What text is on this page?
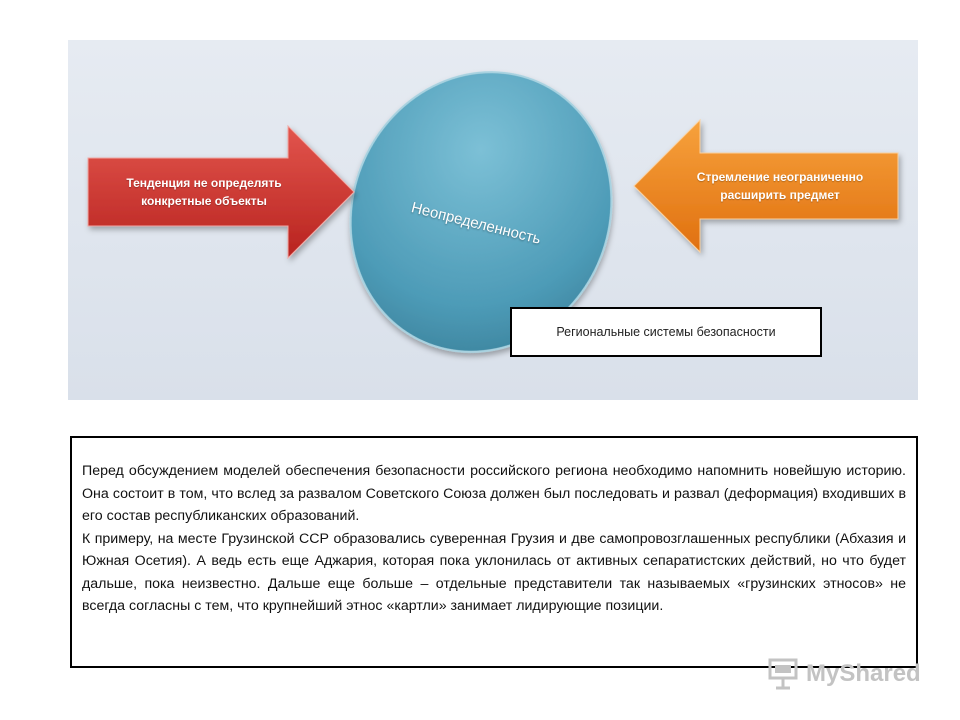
Тенденция не определять конкретные объекты
Стремление неограниченно расширить предмет
Неопределенность
Региональные системы безопасности

Перед обсуждением моделей обеспечения безопасности российского региона необходимо напомнить новейшую историю. Она состоит в том, что вслед за развалом Советского Союза должен был последовать и развал (деформация) входивших в его состав республиканских образований.

К примеру, на месте Грузинской ССР образовались суверенная Грузия и две самопровозглашенных республики (Абхазия и Южная Осетия). А ведь есть еще Аджария, которая пока уклонилась от активных сепаратистских действий, но что будет дальше, пока неизвестно. Дальше еще больше – отдельные представители так называемых «грузинских этносов» не всегда согласны с тем, что крупнейший этнос «картли» занимает лидирующие позиции.

MyShared
